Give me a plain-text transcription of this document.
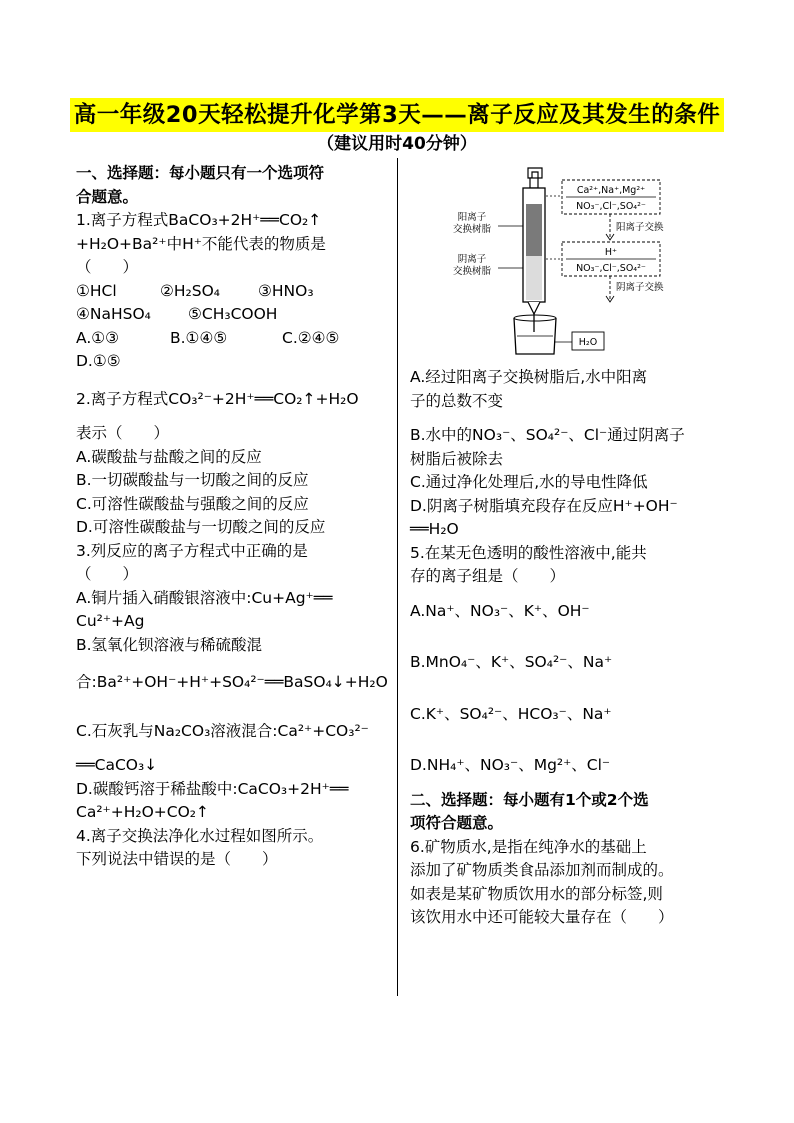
高一年级20天轻松提升化学第3天——离子反应及其发生的条件
（建议用时40分钟）

一、选择题：每小题只有一个选项符

合题意。

1.离子方程式BaCO₃+2H⁺══CO₂↑

+H₂O+Ba²⁺中H⁺不能代表的物质是

（　　）

①HCl	②H₂SO₄ ③HNO₃

④NaHSO₄ ⑤CH₃COOH

A.①③	B.①④⑤	C.②④⑤

D.①⑤

2.离子方程式CO₃²⁻+2H⁺══CO₂↑+H₂O

表示（　　）

A.碳酸盐与盐酸之间的反应

B.一切碳酸盐与一切酸之间的反应

C.可溶性碳酸盐与强酸之间的反应

D.可溶性碳酸盐与一切酸之间的反应

3.列反应的离子方程式中正确的是

（　　）

A.铜片插入硝酸银溶液中:Cu+Ag⁺══

Cu²⁺+Ag

B.氢氧化钡溶液与稀硫酸混

合:Ba²⁺+OH⁻+H⁺+SO₄²⁻══BaSO₄↓+H₂O

C.石灰乳与Na₂CO₃溶液混合:Ca²⁺+CO₃²⁻

══CaCO₃↓

D.碳酸钙溶于稀盐酸中:CaCO₃+2H⁺══

Ca²⁺+H₂O+CO₂↑

4.离子交换法净化水过程如图所示。

下列说法中错误的是（　　）

阳离子
交换树脂
阴离子
交换树脂
Ca²⁺,Na⁺,Mg²⁺
NO₃⁻,Cl⁻,SO₄²⁻
阳离子交换
H⁺
NO₃⁻,Cl⁻,SO₄²⁻
阴离子交换
H₂O

A.经过阳离子交换树脂后,水中阳离

子的总数不变

B.水中的NO₃⁻、SO₄²⁻、Cl⁻通过阴离子

树脂后被除去

C.通过净化处理后,水的导电性降低

D.阴离子树脂填充段存在反应H⁺+OH⁻

══H₂O

5.在某无色透明的酸性溶液中,能共

存的离子组是（　　）

A.Na⁺、NO₃⁻、K⁺、OH⁻

B.MnO₄⁻、K⁺、SO₄²⁻、Na⁺

C.K⁺、SO₄²⁻、HCO₃⁻、Na⁺

D.NH₄⁺、NO₃⁻、Mg²⁺、Cl⁻

二、选择题：每小题有1个或2个选

项符合题意。

6.矿物质水,是指在纯净水的基础上

添加了矿物质类食品添加剂而制成的。

如表是某矿物质饮用水的部分标签,则

该饮用水中还可能较大量存在（　　）
